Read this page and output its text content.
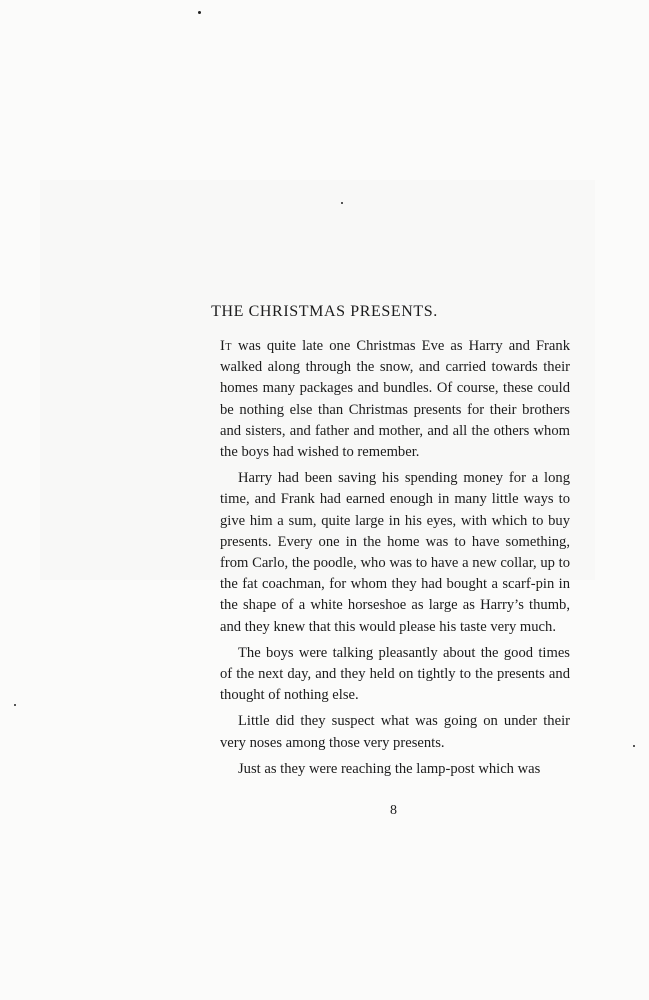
THE CHRISTMAS PRESENTS.

It was quite late one Christmas Eve as Harry and Frank walked along through the snow, and carried towards their homes many packages and bundles. Of course, these could be nothing else than Christmas presents for their brothers and sisters, and father and mother, and all the others whom the boys had wished to remember.

Harry had been saving his spending money for a long time, and Frank had earned enough in many little ways to give him a sum, quite large in his eyes, with which to buy presents. Every one in the home was to have something, from Carlo, the poodle, who was to have a new collar, up to the fat coachman, for whom they had bought a scarf-pin in the shape of a white horseshoe as large as Harry’s thumb, and they knew that this would please his taste very much.

The boys were talking pleasantly about the good times of the next day, and they held on tightly to the presents and thought of nothing else.

Little did they suspect what was going on under their very noses among those very presents.

Just as they were reaching the lamp-post which was

8
